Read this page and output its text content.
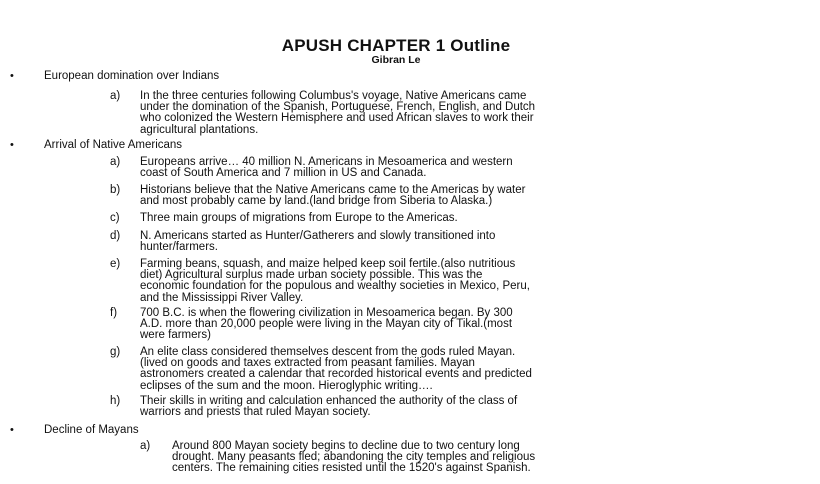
APUSH CHAPTER 1 Outline
Gibran Le
•	European domination over Indians
a) In the three centuries following Columbus's voyage, Native Americans came
under the domination of the Spanish, Portuguese, French, English, and Dutch
who colonized the Western Hemisphere and used African slaves to work their
agricultural plantations.
•	Arrival of Native Americans
a) Europeans arrive… 40 million N. Americans in Mesoamerica and western
coast of South America and 7 million in US and Canada.
b) Historians believe that the Native Americans came to the Americas by water
and most probably came by land.(land bridge from Siberia to Alaska.)
c) Three main groups of migrations from Europe to the Americas.
d) N. Americans started as Hunter/Gatherers and slowly transitioned into
hunter/farmers.
e) Farming beans, squash, and maize helped keep soil fertile.(also nutritious
diet) Agricultural surplus made urban society possible. This was the
economic foundation for the populous and wealthy societies in Mexico, Peru,
and the Mississippi River Valley.
f) 700 B.C. is when the flowering civilization in Mesoamerica began. By 300
A.D. more than 20,000 people were living in the Mayan city of Tikal.(most
were farmers)
g) An elite class considered themselves descent from the gods ruled Mayan.
(lived on goods and taxes extracted from peasant families. Mayan
astronomers created a calendar that recorded historical events and predicted
eclipses of the sum and the moon. Hieroglyphic writing….
h) Their skills in writing and calculation enhanced the authority of the class of
warriors and priests that ruled Mayan society.
•	Decline of Mayans
a) Around 800 Mayan society begins to decline due to two century long
drought. Many peasants fled; abandoning the city temples and religious
centers. The remaining cities resisted until the 1520's against Spanish.
